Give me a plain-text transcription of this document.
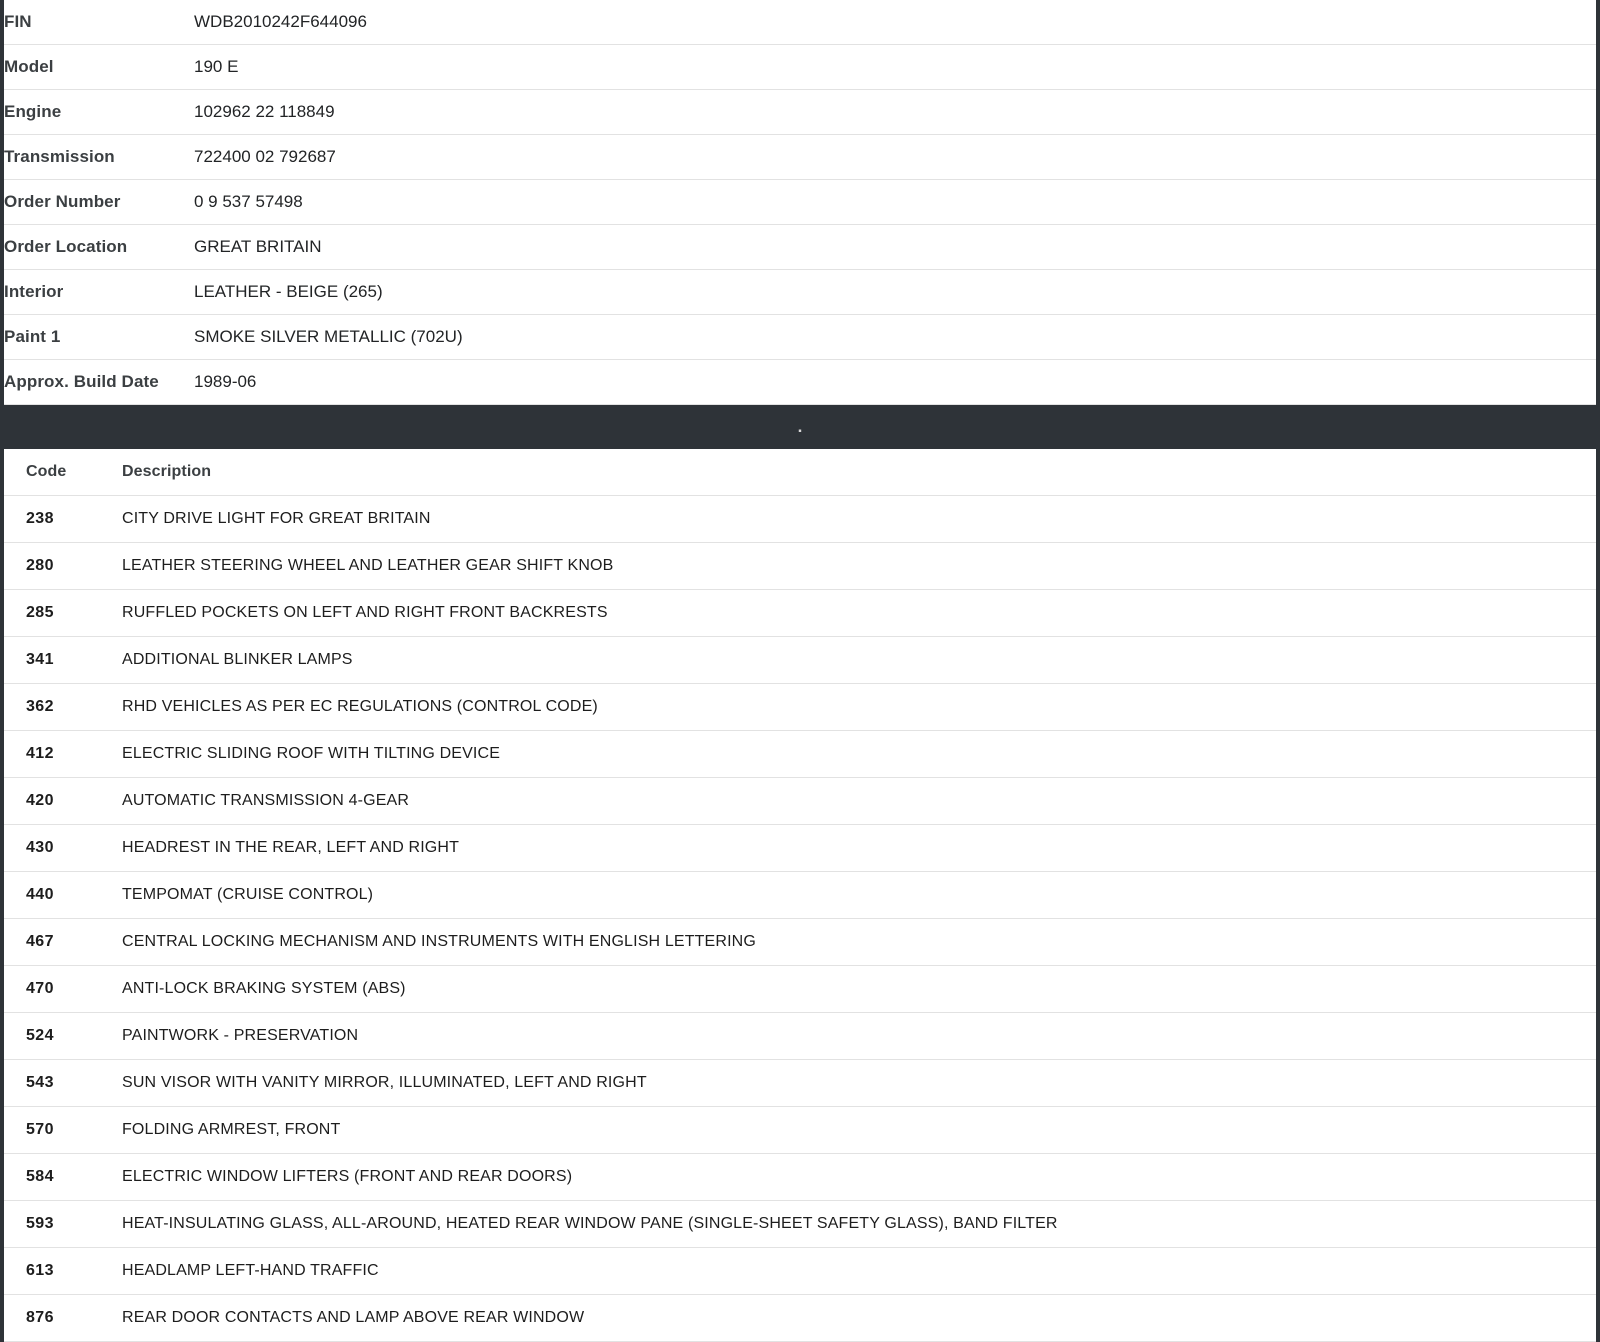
FIN	WDB2010242F644096
Model	190 E
Engine	102962 22 118849
Transmission	722400 02 792687
Order Number	0 9 537 57498
Order Location	GREAT BRITAIN
Interior	LEATHER - BEIGE (265)
Paint 1	SMOKE SILVER METALLIC (702U)
Approx. Build Date	1989-06
.
Code	Description
238	CITY DRIVE LIGHT FOR GREAT BRITAIN
280	LEATHER STEERING WHEEL AND LEATHER GEAR SHIFT KNOB
285	RUFFLED POCKETS ON LEFT AND RIGHT FRONT BACKRESTS
341	ADDITIONAL BLINKER LAMPS
362	RHD VEHICLES AS PER EC REGULATIONS (CONTROL CODE)
412	ELECTRIC SLIDING ROOF WITH TILTING DEVICE
420	AUTOMATIC TRANSMISSION 4-GEAR
430	HEADREST IN THE REAR, LEFT AND RIGHT
440	TEMPOMAT (CRUISE CONTROL)
467	CENTRAL LOCKING MECHANISM AND INSTRUMENTS WITH ENGLISH LETTERING
470	ANTI-LOCK BRAKING SYSTEM (ABS)
524	PAINTWORK - PRESERVATION
543	SUN VISOR WITH VANITY MIRROR, ILLUMINATED, LEFT AND RIGHT
570	FOLDING ARMREST, FRONT
584	ELECTRIC WINDOW LIFTERS (FRONT AND REAR DOORS)
593	HEAT-INSULATING GLASS, ALL-AROUND, HEATED REAR WINDOW PANE (SINGLE-SHEET SAFETY GLASS), BAND FILTER
613	HEADLAMP LEFT-HAND TRAFFIC
876	REAR DOOR CONTACTS AND LAMP ABOVE REAR WINDOW
